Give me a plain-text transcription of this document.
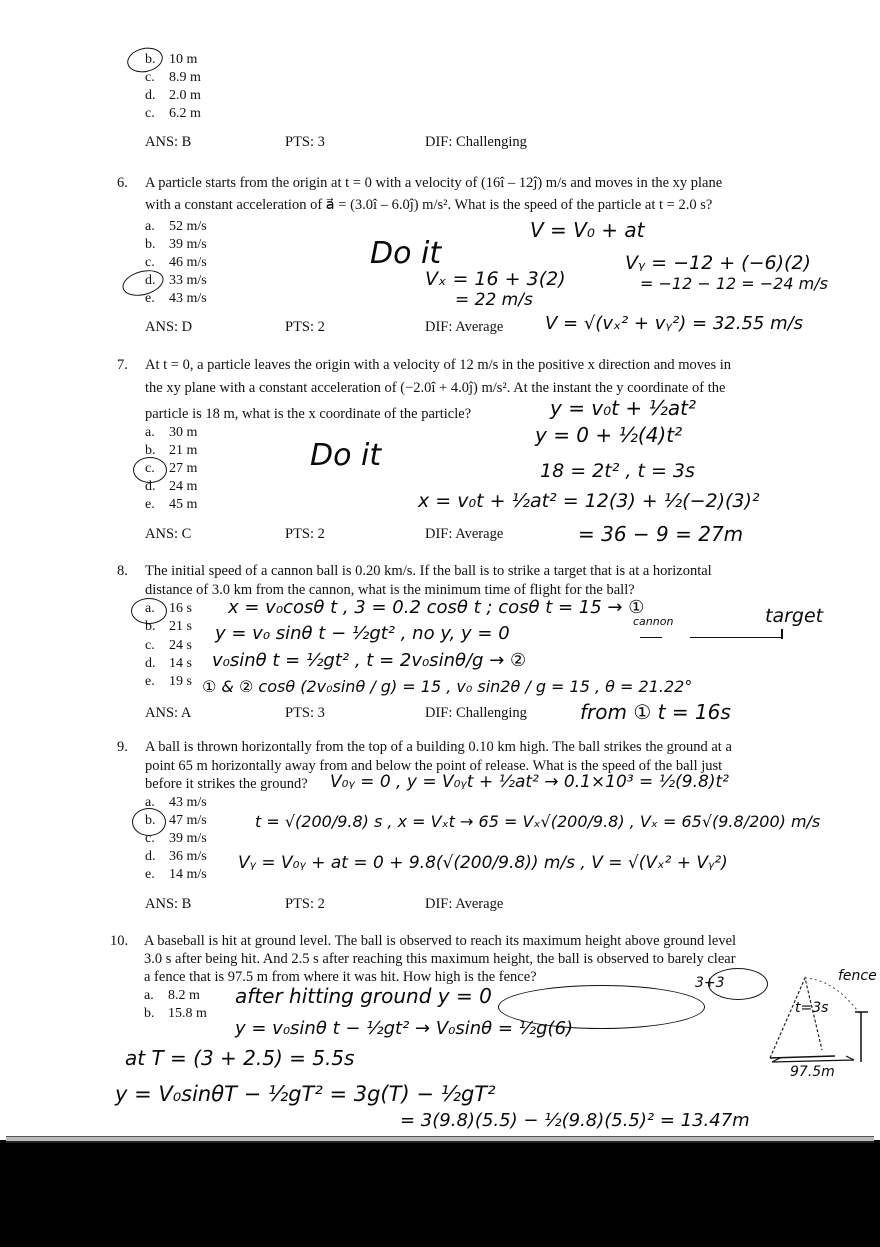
b. 10 m
c. 8.9 m
d. 2.0 m
c. 6.2 m
ANS: B	PTS: 3	DIF: Challenging
6. A particle starts from the origin at t = 0 with a velocity of (16î – 12ĵ) m/s and moves in the xy plane
with a constant acceleration of a⃗ = (3.0î – 6.0ĵ) m/s². What is the speed of the particle at t = 2.0 s?
a. 52 m/s
b. 39 m/s
c. 46 m/s
d. 33 m/s
e. 43 m/s
ANS: D	PTS: 2	DIF: Average
Do it
V = V₀ + at
Vₓ = 16 + 3(2)
= 22 m/s
Vᵧ = −12 + (−6)(2)
= −12 − 12 = −24 m/s
V = √(vₓ² + vᵧ²) = 32.55 m/s
7. At t = 0, a particle leaves the origin with a velocity of 12 m/s in the positive x direction and moves in
the xy plane with a constant acceleration of (−2.0î + 4.0ĵ) m/s². At the instant the y coordinate of the
particle is 18 m, what is the x coordinate of the particle?
a. 30 m
b. 21 m
c. 27 m
d. 24 m
e. 45 m
ANS: C	PTS: 2	DIF: Average
Do it
y = v₀t + ½at²
y = 0 + ½(4)t²
18 = 2t² , t = 3s
x = v₀t + ½at² = 12(3) + ½(−2)(3)²
= 36 − 9 = 27m
8. The initial speed of a cannon ball is 0.20 km/s. If the ball is to strike a target that is at a horizontal
distance of 3.0 km from the cannon, what is the minimum time of flight for the ball?
a. 16 s
b. 21 s
c. 24 s
d. 14 s
e. 19 s
ANS: A	PTS: 3	DIF: Challenging
x = v₀cosθ t , 3 = 0.2 cosθ t ; cosθ t = 15 → ①
y = v₀ sinθ t − ½gt² , no y, y = 0
v₀sinθ t = ½gt² , t = 2v₀sinθ/g → ②
① & ② cosθ (2v₀sinθ / g) = 15 , v₀ sin2θ / g = 15 , θ = 21.22°
from ① t = 16s
cannon	target
9. A ball is thrown horizontally from the top of a building 0.10 km high. The ball strikes the ground at a
point 65 m horizontally away from and below the point of release. What is the speed of the ball just
before it strikes the ground?
a. 43 m/s
b. 47 m/s
c. 39 m/s
d. 36 m/s
e. 14 m/s
ANS: B	PTS: 2	DIF: Average
V₀ᵧ = 0 , y = V₀ᵧt + ½at² → 0.1×10³ = ½(9.8)t²
t = √(200/9.8) s , x = Vₓt → 65 = Vₓ√(200/9.8) , Vₓ = 65√(9.8/200) m/s
Vᵧ = V₀ᵧ + at = 0 + 9.8(√(200/9.8)) m/s , V = √(Vₓ² + Vᵧ²)
10. A baseball is hit at ground level. The ball is observed to reach its maximum height above ground level
3.0 s after being hit. And 2.5 s after reaching this maximum height, the ball is observed to barely clear
a fence that is 97.5 m from where it was hit. How high is the fence?
a. 8.2 m
b. 15.8 m
after hitting ground y = 0
y = v₀sinθ t − ½gt² → V₀sinθ = ½g(6)
3+3
at T = (3 + 2.5) = 5.5s
y = V₀sinθT − ½gT² = 3g(T) − ½gT²
= 3(9.8)(5.5) − ½(9.8)(5.5)² = 13.47m
fence
t=3s
97.5m
